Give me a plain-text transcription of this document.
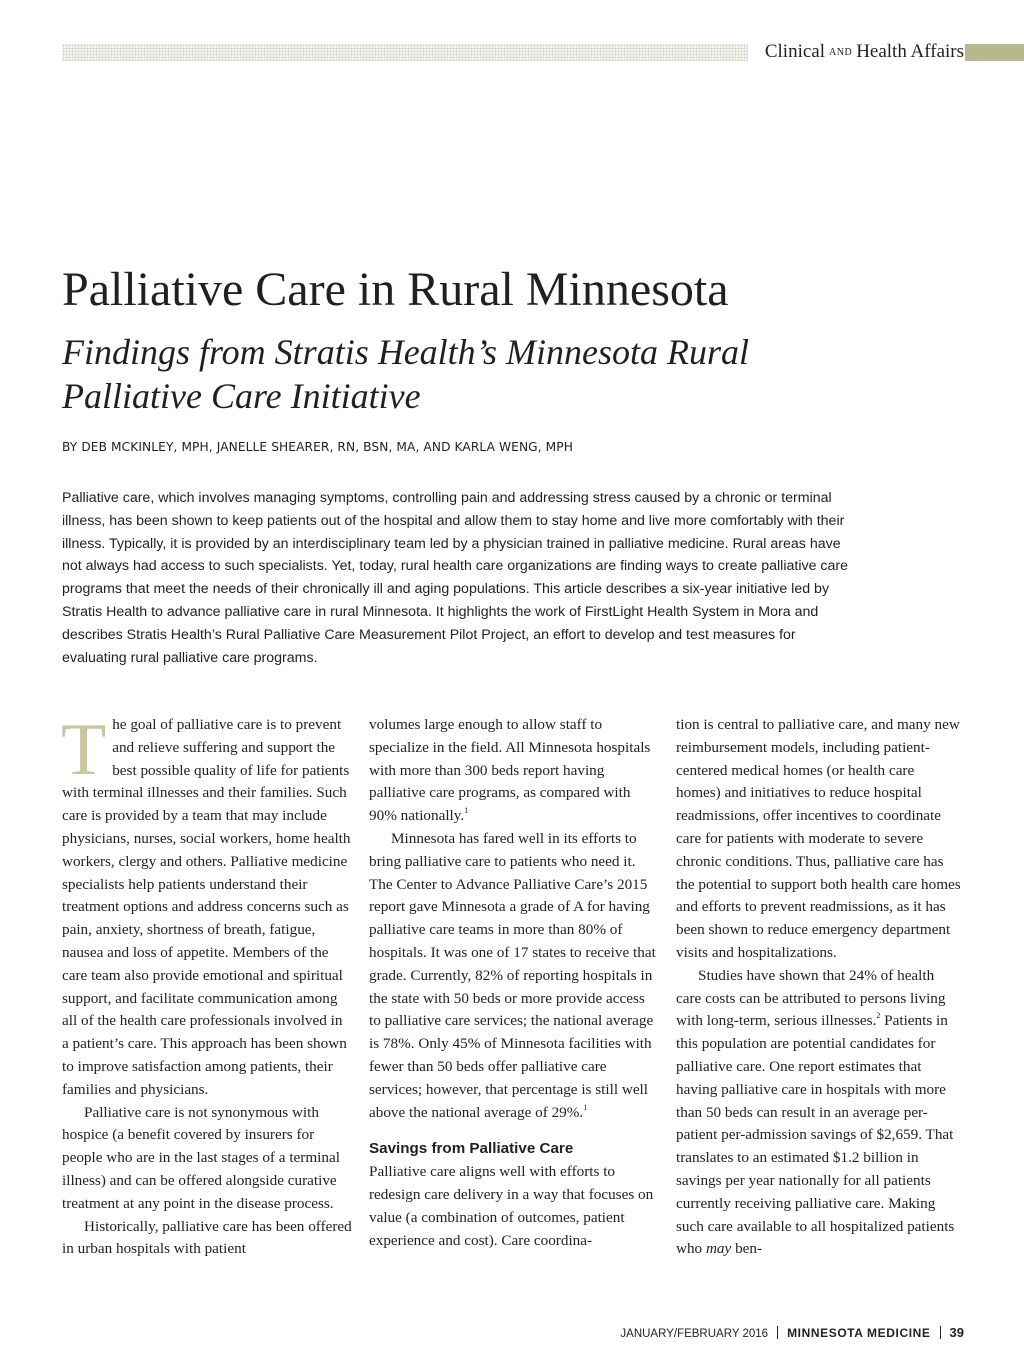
Clinical AND Health Affairs
Palliative Care in Rural Minnesota
Findings from Stratis Health’s Minnesota Rural Palliative Care Initiative
BY DEB MCKINLEY, MPH, JANELLE SHEARER, RN, BSN, MA, AND KARLA WENG, MPH

Palliative care, which involves managing symptoms, controlling pain and addressing stress caused by a chronic or terminal illness, has been shown to keep patients out of the hospital and allow them to stay home and live more comfortably with their illness. Typically, it is provided by an interdisciplinary team led by a physician trained in palliative medicine. Rural areas have not always had access to such specialists. Yet, today, rural health care organizations are finding ways to create palliative care programs that meet the needs of their chronically ill and aging populations. This article describes a six-year initiative led by Stratis Health to advance palliative care in rural Minnesota. It highlights the work of FirstLight Health System in Mora and describes Stratis Health’s Rural Palliative Care Measurement Pilot Project, an effort to develop and test measures for evaluating rural palliative care programs.

The goal of palliative care is to prevent and relieve suffering and support the best possible quality of life for patients with terminal illnesses and their families. Such care is provided by a team that may include physicians, nurses, social workers, home health workers, clergy and others. Palliative medicine specialists help patients understand their treatment options and address concerns such as pain, anxiety, shortness of breath, fatigue, nausea and loss of appetite. Members of the care team also provide emotional and spiritual support, and facilitate communication among all of the health care professionals involved in a patient’s care. This approach has been shown to improve satisfaction among patients, their families and physicians.

Palliative care is not synonymous with hospice (a benefit covered by insurers for people who are in the last stages of a terminal illness) and can be offered alongside curative treatment at any point in the disease process.

Historically, palliative care has been offered in urban hospitals with patient

volumes large enough to allow staff to specialize in the field. All Minnesota hospitals with more than 300 beds report having palliative care programs, as compared with 90% nationally.$^1$

Minnesota has fared well in its efforts to bring palliative care to patients who need it. The Center to Advance Palliative Care’s 2015 report gave Minnesota a grade of A for having palliative care teams in more than 80% of hospitals. It was one of 17 states to receive that grade. Currently, 82% of reporting hospitals in the state with 50 beds or more provide access to palliative care services; the national average is 78%. Only 45% of Minnesota facilities with fewer than 50 beds offer palliative care services; however, that percentage is still well above the national average of 29%.$^1$

Savings from Palliative Care

Palliative care aligns well with efforts to redesign care delivery in a way that focuses on value (a combination of outcomes, patient experience and cost). Care coordina-

tion is central to palliative care, and many new reimbursement models, including patient-centered medical homes (or health care homes) and initiatives to reduce hospital readmissions, offer incentives to coordinate care for patients with moderate to severe chronic conditions. Thus, palliative care has the potential to support both health care homes and efforts to prevent readmissions, as it has been shown to reduce emergency department visits and hospitalizations.

Studies have shown that 24% of health care costs can be attributed to persons living with long-term, serious illnesses.$^2$ Patients in this population are potential candidates for palliative care. One report estimates that having palliative care in hospitals with more than 50 beds can result in an average per-patient per-admission savings of $2,659. That translates to an estimated $1.2 billion in savings per year nationally for all patients currently receiving palliative care. Making such care available to all hospitalized patients who may ben-

JANUARY/FEBRUARY 2016 MINNESOTA MEDICINE 39
